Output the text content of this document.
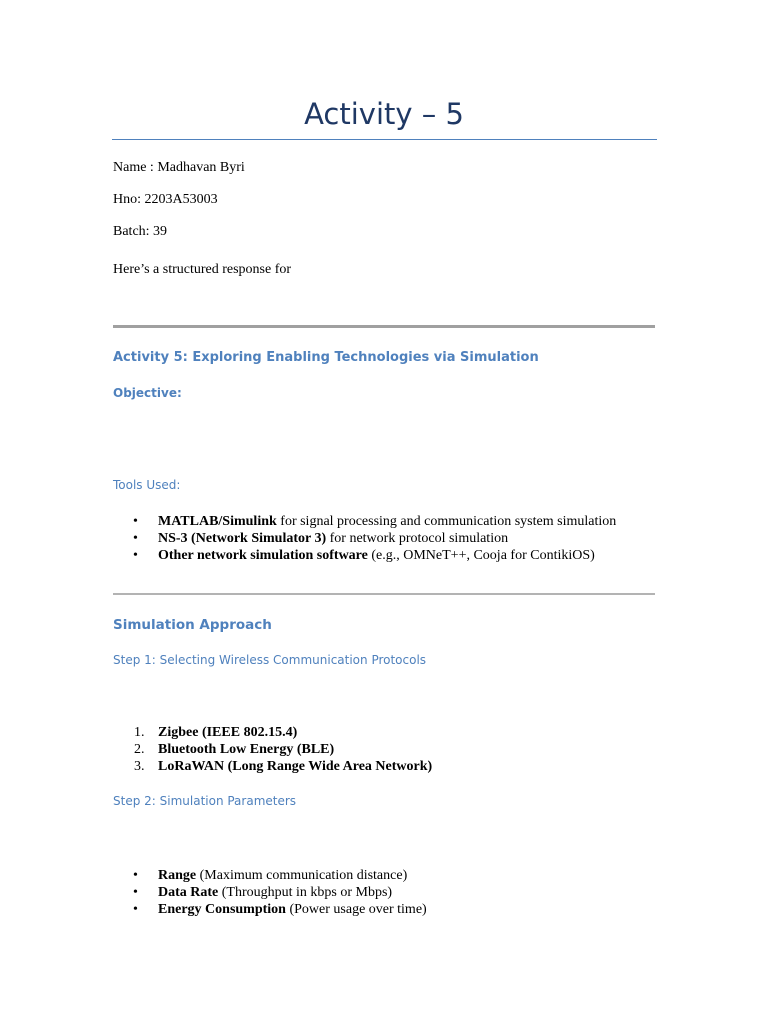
Activity – 5
Name : Madhavan Byri
Hno: 2203A53003
Batch: 39
Here’s a structured response for
Activity 5: Exploring Enabling Technologies via Simulation
Objective:
Tools Used:
• MATLAB/Simulink for signal processing and communication system simulation
• NS-3 (Network Simulator 3) for network protocol simulation
• Other network simulation software (e.g., OMNeT++, Cooja for ContikiOS)
Simulation Approach
Step 1: Selecting Wireless Communication Protocols
1. Zigbee (IEEE 802.15.4)
2. Bluetooth Low Energy (BLE)
3. LoRaWAN (Long Range Wide Area Network)
Step 2: Simulation Parameters
• Range (Maximum communication distance)
• Data Rate (Throughput in kbps or Mbps)
• Energy Consumption (Power usage over time)
